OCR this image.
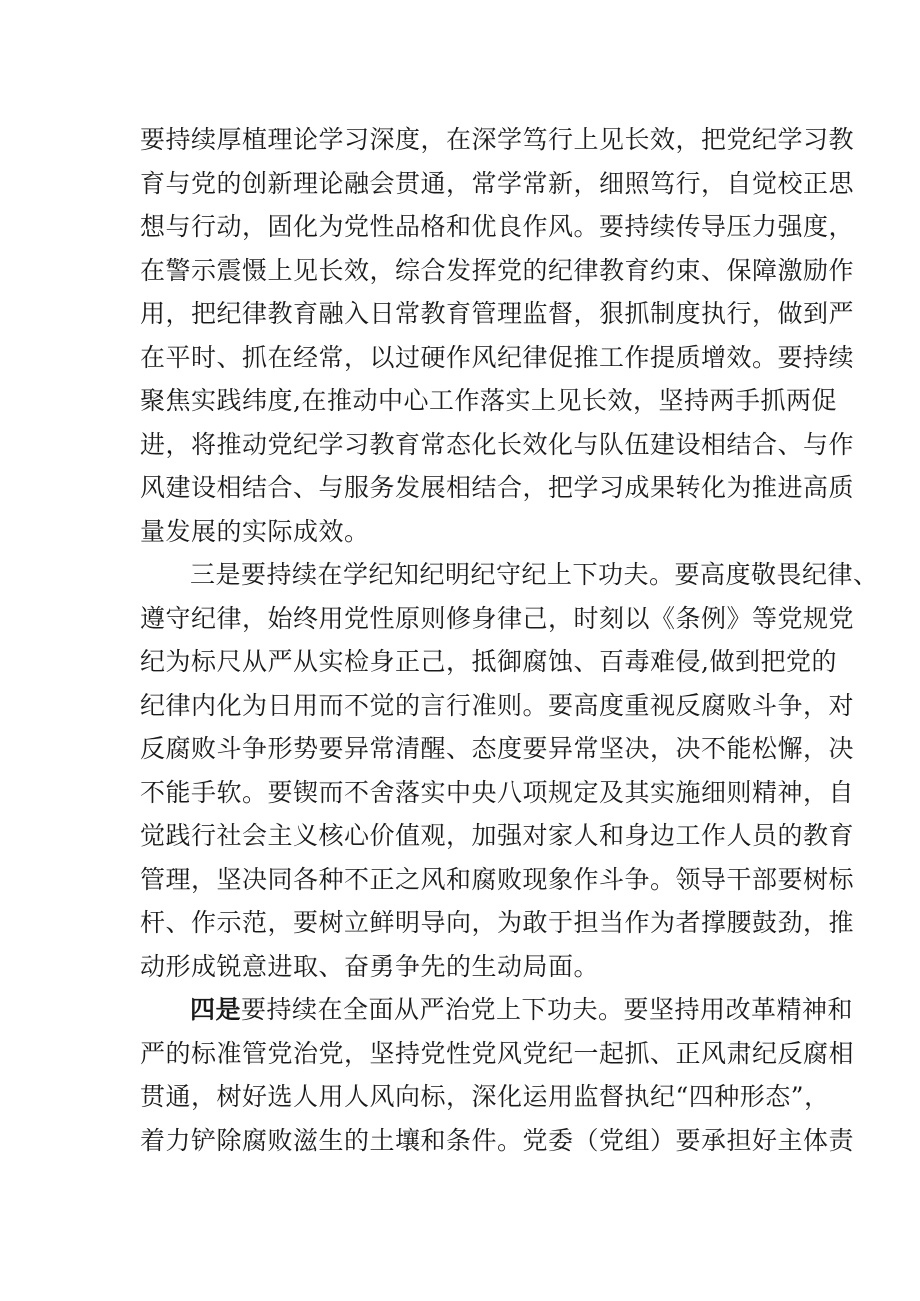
要持续厚植理论学习深度，在深学笃行上见长效，把党纪学习教
育与党的创新理论融会贯通，常学常新，细照笃行，自觉校正思
想与行动，固化为党性品格和优良作风。要持续传导压力强度，
在警示震慑上见长效，综合发挥党的纪律教育约束、保障激励作
用，把纪律教育融入日常教育管理监督，狠抓制度执行，做到严
在平时、抓在经常，以过硬作风纪律促推工作提质增效。要持续
聚焦实践纬度,在推动中心工作落实上见长效，坚持两手抓两促
进，将推动党纪学习教育常态化长效化与队伍建设相结合、与作
风建设相结合、与服务发展相结合，把学习成果转化为推进高质
量发展的实际成效。
三是要持续在学纪知纪明纪守纪上下功夫。要高度敬畏纪律、
遵守纪律，始终用党性原则修身律己，时刻以《条例》等党规党
纪为标尺从严从实检身正己，抵御腐蚀、百毒难侵,做到把党的
纪律内化为日用而不觉的言行准则。要高度重视反腐败斗争，对
反腐败斗争形势要异常清醒、态度要异常坚决，决不能松懈，决
不能手软。要锲而不舍落实中央八项规定及其实施细则精神，自
觉践行社会主义核心价值观，加强对家人和身边工作人员的教育
管理，坚决同各种不正之风和腐败现象作斗争。领导干部要树标
杆、作示范，要树立鲜明导向，为敢于担当作为者撑腰鼓劲，推
动形成锐意进取、奋勇争先的生动局面。
四是要持续在全面从严治党上下功夫。要坚持用改革精神和
严的标准管党治党，坚持党性党风党纪一起抓、正风肃纪反腐相
贯通，树好选人用人风向标，深化运用监督执纪“四种形态”，
着力铲除腐败滋生的土壤和条件。党委（党组）要承担好主体责
